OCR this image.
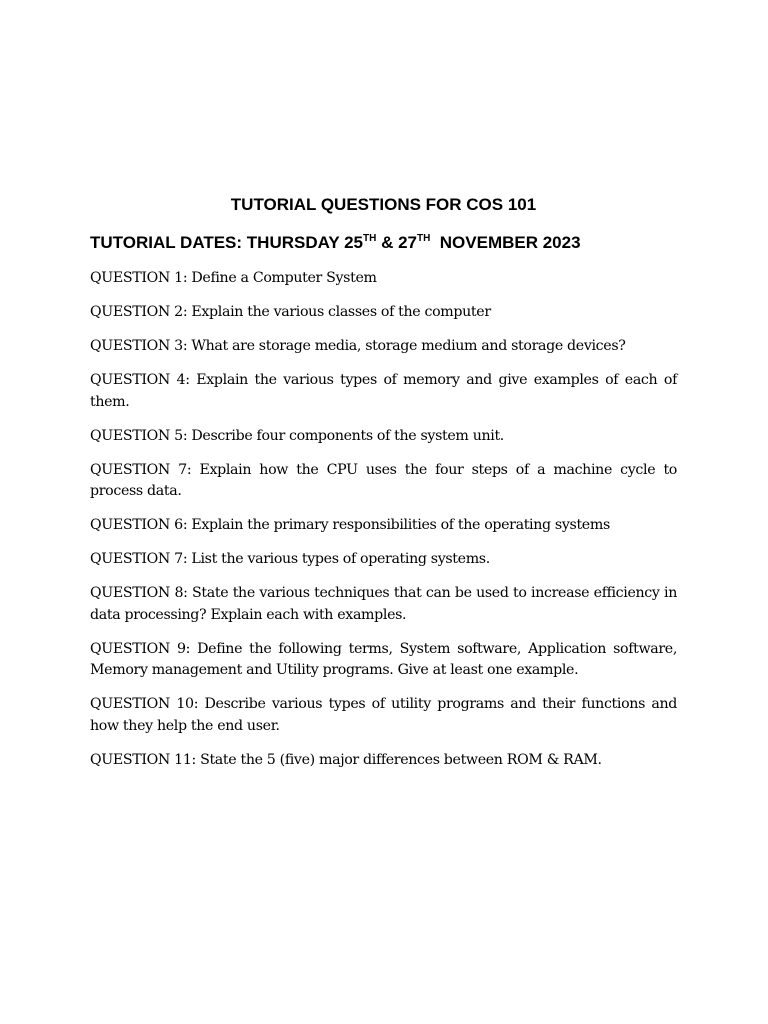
TUTORIAL QUESTIONS FOR COS 101

TUTORIAL DATES: THURSDAY 25TH & 27TH  NOVEMBER 2023

QUESTION 1: Define a Computer System
QUESTION 2: Explain the various classes of the computer
QUESTION 3: What are storage media, storage medium and storage devices?
QUESTION 4: Explain the various types of memory and give examples of each of them.
QUESTION 5: Describe four components of the system unit.
QUESTION 7: Explain how the CPU uses the four steps of a machine cycle to process data.
QUESTION 6: Explain the primary responsibilities of the operating systems
QUESTION 7: List the various types of operating systems.
QUESTION 8: State the various techniques that can be used to increase efficiency in data processing? Explain each with examples.
QUESTION 9: Define the following terms, System software, Application software, Memory management and Utility programs. Give at least one example.
QUESTION 10: Describe various types of utility programs and their functions and how they help the end user.
QUESTION 11: State the 5 (five) major differences between ROM & RAM.
